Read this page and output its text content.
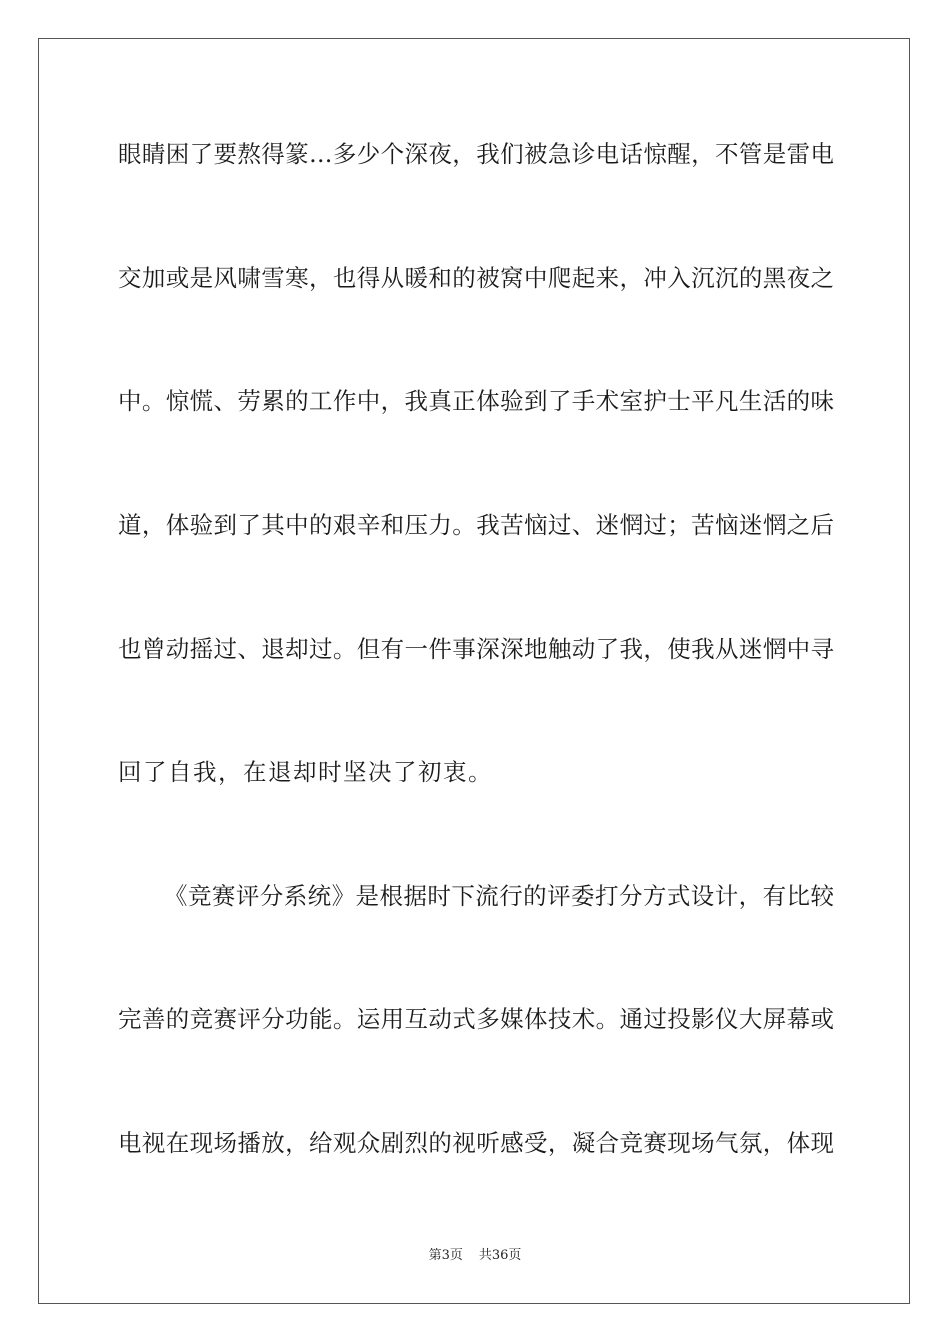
眼睛困了要熬得篆…多少个深夜，我们被急诊电话惊醒，不管是雷电
交加或是风啸雪寒，也得从暖和的被窝中爬起来，冲入沉沉的黑夜之
中。惊慌、劳累的工作中，我真正体验到了手术室护士平凡生活的味
道，体验到了其中的艰辛和压力。我苦恼过、迷惘过；苦恼迷惘之后
也曾动摇过、退却过。但有一件事深深地触动了我，使我从迷惘中寻
回了自我，在退却时坚决了初衷。
《竞赛评分系统》是根据时下流行的评委打分方式设计，有比较
完善的竞赛评分功能。运用互动式多媒体技术。通过投影仪大屏幕或
电视在现场播放，给观众剧烈的视听感受，凝合竞赛现场气氛，体现
第3页 共36页
